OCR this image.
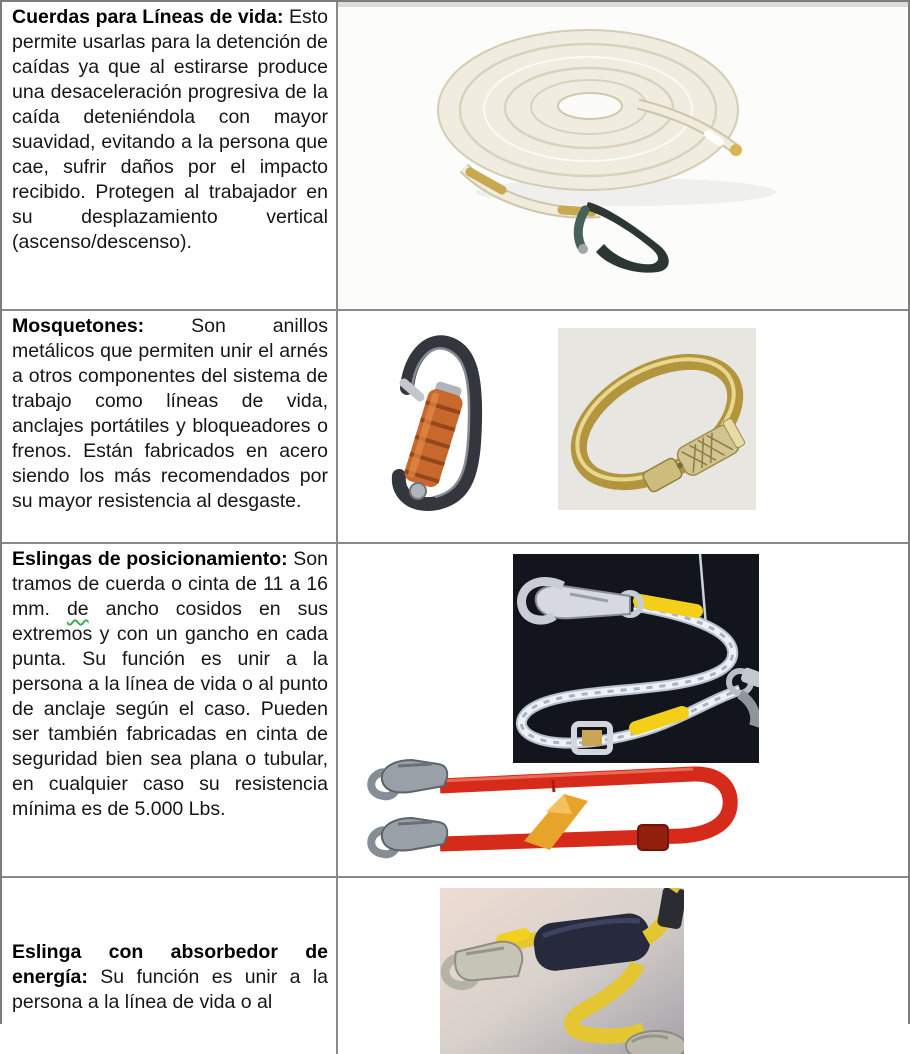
Cuerdas para Líneas de vida: Esto permite usarlas para la detención de caídas ya que al estirarse produce una desaceleración progresiva de la caída deteniéndola con mayor suavidad, evitando a la persona que cae, sufrir daños por el impacto recibido. Protegen al trabajador en su desplazamiento vertical (ascenso/descenso).

Mosquetones: Son anillos metálicos que permiten unir el arnés a otros componentes del sistema de trabajo como líneas de vida, anclajes portátiles y bloqueadores o frenos. Están fabricados en acero siendo los más recomendados por su mayor resistencia al desgaste.

Eslingas de posicionamiento: Son tramos de cuerda o cinta de 11 a 16 mm. de ancho cosidos en sus extremos y con un gancho en cada punta. Su función es unir a la persona a la línea de vida o al punto de anclaje según el caso. Pueden ser también fabricadas en cinta de seguridad bien sea plana o tubular, en cualquier caso su resistencia mínima es de 5.000 Lbs.

Eslinga con absorbedor de energía: Su función es unir a la persona a la línea de vida o al
